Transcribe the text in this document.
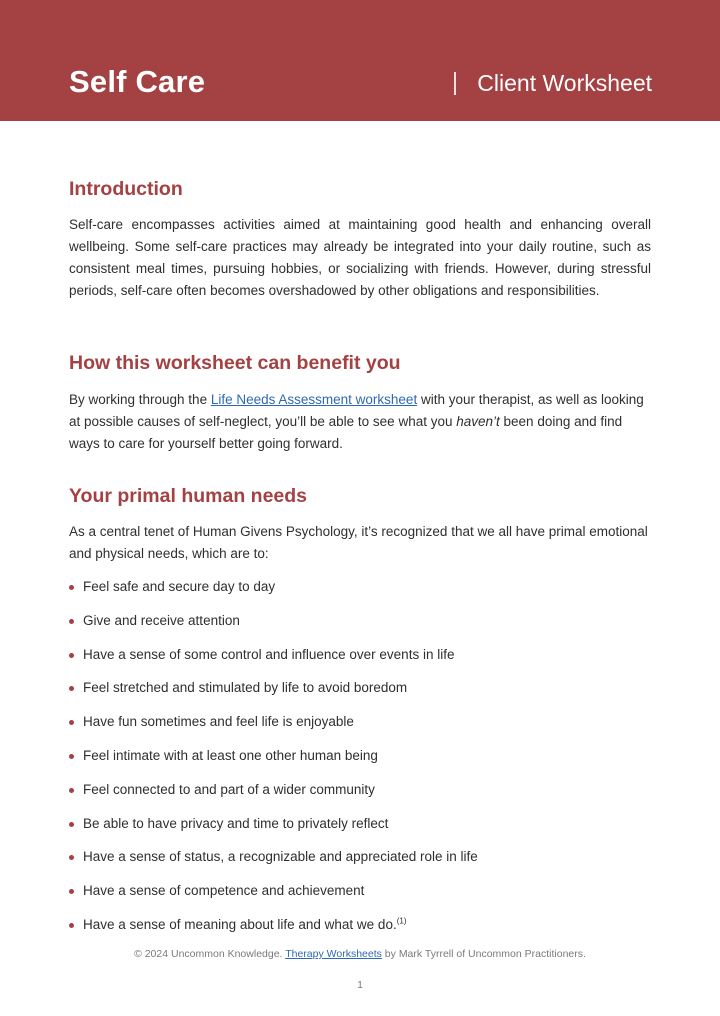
Self Care	Client Worksheet
Introduction
Self-care encompasses activities aimed at maintaining good health and enhancing overall wellbeing. Some self-care practices may already be integrated into your daily routine, such as consistent meal times, pursuing hobbies, or socializing with friends. However, during stressful periods, self-care often becomes overshadowed by other obligations and responsibilities.
How this worksheet can benefit you
By working through the Life Needs Assessment worksheet with your therapist, as well as looking at possible causes of self-neglect, you’ll be able to see what you haven’t been doing and find ways to care for yourself better going forward.
Your primal human needs
As a central tenet of Human Givens Psychology, it’s recognized that we all have primal emotional and physical needs, which are to:
Feel safe and secure day to day
Give and receive attention
Have a sense of some control and influence over events in life
Feel stretched and stimulated by life to avoid boredom
Have fun sometimes and feel life is enjoyable
Feel intimate with at least one other human being
Feel connected to and part of a wider community
Be able to have privacy and time to privately reflect
Have a sense of status, a recognizable and appreciated role in life
Have a sense of competence and achievement
Have a sense of meaning about life and what we do.$^{(1)}$
© 2024 Uncommon Knowledge. Therapy Worksheets by Mark Tyrrell of Uncommon Practitioners.
1
